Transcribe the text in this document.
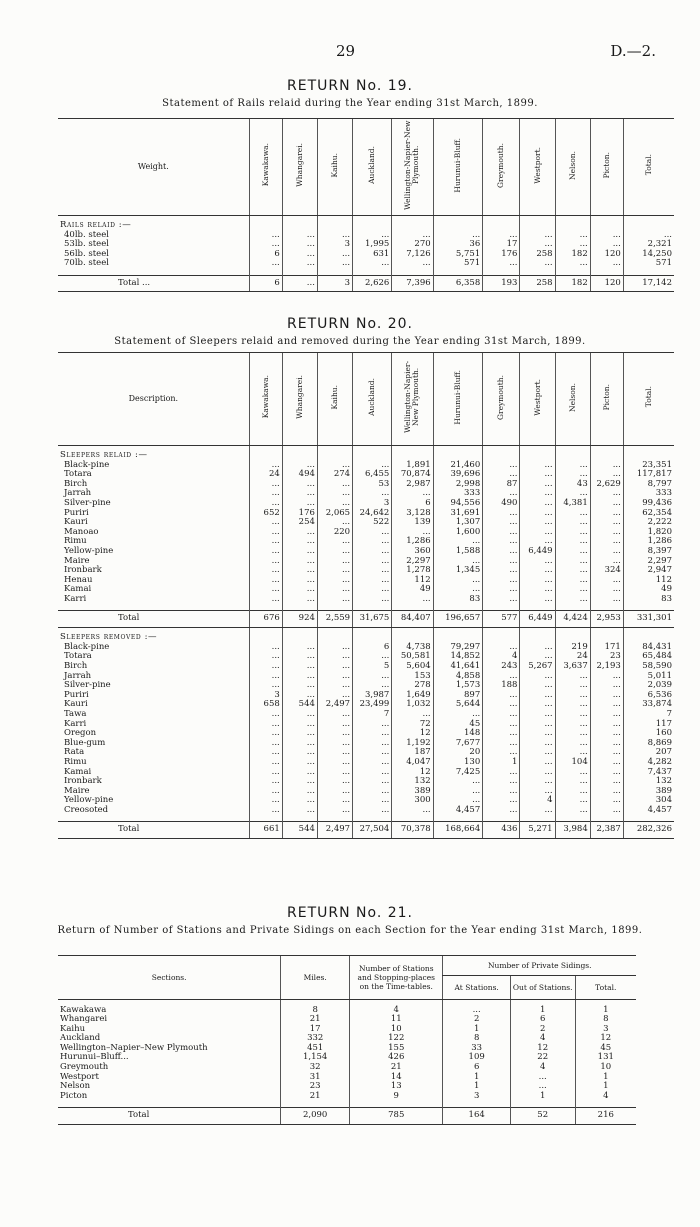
29	D.—2.
RETURN No. 19.
Statement of Rails relaid during the Year ending 31st March, 1899.
Weight.	Kawakawa.	Whangarei.	Kaihu.	Auckland.	Wellington-Napier-New Plymouth.	Hurunui-Bluff.	Greymouth.	Westport.	Nelson.	Picton.	Total.

Rails relaid :—											
40lb. steel	...	...	...	...	...	...	...	...	...	...	...
53lb. steel	...	...	3	1,995	270	36	17	...	...	...	2,321
56lb. steel	6	...	...	631	7,126	5,751	176	258	182	120	14,250
70lb. steel	...	...	...	...	...	571	...	...	...	...	571

Total ...	6	...	3	2,626	7,396	6,358	193	258	182	120	17,142
RETURN No. 20.
Statement of Sleepers relaid and removed during the Year ending 31st March, 1899.
Description.	Kawakawa.	Whangarei.	Kaihu.	Auckland.	Wellington-Napier-New Plymouth.	Hurunui-Bluff.	Greymouth.	Westport.	Nelson.	Picton.	Total.

Sleepers relaid :—											
Black-pine	...	...	...	...	1,891	21,460	...	...	...	...	23,351
Totara	24	494	274	6,455	70,874	39,696	...	...	...	...	117,817
Birch	...	...	...	53	2,987	2,998	87	...	43	2,629	8,797
Jarrah	...	...	...	...	...	333	...	...	...	...	333
Silver-pine	...	...	...	3	6	94,556	490	...	4,381	...	99,436
Puriri	652	176	2,065	24,642	3,128	31,691	...	...	...	...	62,354
Kauri	...	254	...	522	139	1,307	...	...	...	...	2,222
Manoao	...	...	220	...	...	1,600	...	...	...	...	1,820
Rimu	...	...	...	...	1,286	...	...	...	...	...	1,286
Yellow-pine	...	...	...	...	360	1,588	...	6,449	...	...	8,397
Maire	...	...	...	...	2,297	...	...	...	...	...	2,297
Ironbark	...	...	...	...	1,278	1,345	...	...	...	324	2,947
Henau	...	...	...	...	112	...	...	...	...	...	112
Kamai	...	...	...	...	49	...	...	...	...	...	49
Karri	...	...	...	...	...	83	...	...	...	...	83

Total	676	924	2,559	31,675	84,407	196,657	577	6,449	4,424	2,953	331,301

Sleepers removed :—											
Black-pine	...	...	...	6	4,738	79,297	...	...	219	171	84,431
Totara	...	...	...	...	50,581	14,852	4	...	24	23	65,484
Birch	...	...	...	5	5,604	41,641	243	5,267	3,637	2,193	58,590
Jarrah	...	...	...	...	153	4,858	...	...	...	...	5,011
Silver-pine	...	...	...	...	278	1,573	188	...	...	...	2,039
Puriri	3	...	...	3,987	1,649	897	...	...	...	...	6,536
Kauri	658	544	2,497	23,499	1,032	5,644	...	...	...	...	33,874
Tawa	...	...	...	7	...	...	...	...	...	...	7
Karri	...	...	...	...	72	45	...	...	...	...	117
Oregon	...	...	...	...	12	148	...	...	...	...	160
Blue-gum	...	...	...	...	1,192	7,677	...	...	...	...	8,869
Rata	...	...	...	...	187	20	...	...	...	...	207
Rimu	...	...	...	...	4,047	130	1	...	104	...	4,282
Kamai	...	...	...	...	12	7,425	...	...	...	...	7,437
Ironbark	...	...	...	...	132	...	...	...	...	...	132
Maire	...	...	...	...	389	...	...	...	...	...	389
Yellow-pine	...	...	...	...	300	...	...	4	...	...	304
Creosoted	...	...	...	...	...	4,457	...	...	...	...	4,457

Total	661	544	2,497	27,504	70,378	168,664	436	5,271	3,984	2,387	282,326
RETURN No. 21.
Return of Number of Stations and Private Sidings on each Section for the Year ending 31st March, 1899.
Sections.	Miles.	Number of Stations and Stopping-places on the Time-tables.	Number of Private Sidings.		
			At Stations.	Out of Stations.	Total.

Kawakawa	8	4	...	1	1
Whangarei	21	11	2	6	8
Kaihu	17	10	1	2	3
Auckland	332	122	8	4	12
Wellington–Napier–New Plymouth	451	155	33	12	45
Hurunui–Bluff...	1,154	426	109	22	131
Greymouth	32	21	6	4	10
Westport	31	14	1	...	1
Nelson	23	13	1	...	1
Picton	21	9	3	1	4

Total	2,090	785	164	52	216
